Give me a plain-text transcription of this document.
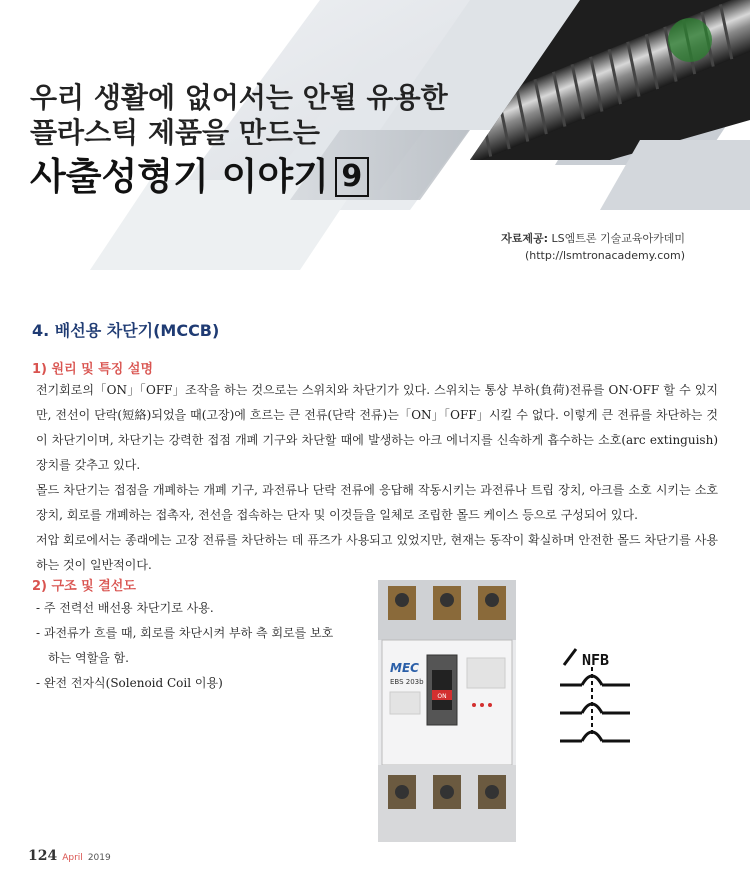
우리 생활에 없어서는 안될 유용한
플라스틱 제품을 만드는
사출성형기 이야기 9
자료제공: LS엠트론 기술교육아카데미
(http://lsmtronacademy.com)
4. 배선용 차단기(MCCB)
1) 원리 및 특징 설명

전기회로의「ON」「OFF」조작을 하는 것으로는 스위치와 차단기가 있다. 스위치는 통상 부하(負荷)전류를 ON·OFF 할 수 있지만, 전선이 단락(短絡)되었을 때(고장)에 흐르는 큰 전류(단락 전류)는「ON」「OFF」시킬 수 없다. 이렇게 큰 전류를 차단하는 것이 차단기이며, 차단기는 강력한 접점 개폐 기구와 차단할 때에 발생하는 아크 에너지를 신속하게 흡수하는 소호(arc extinguish)장치를 갖추고 있다.

몰드 차단기는 접점을 개폐하는 개폐 기구, 과전류나 단락 전류에 응답해 작동시키는 과전류나 트립 장치, 아크를 소호 시키는 소호장치, 회로를 개폐하는 접촉자, 전선을 접속하는 단자 및 이것들을 일체로 조립한 몰드 케이스 등으로 구성되어 있다.

저압 회로에서는 종래에는 고장 전류를 차단하는 데 퓨즈가 사용되고 있었지만, 현재는 동작이 확실하며 안전한 몰드 차단기를 사용하는 것이 일반적이다.

2) 구조 및 결선도
- 주 전력선 배선용 차단기로 사용.
- 과전류가 흐를 때, 회로를 차단시켜 부하 측 회로를 보호하는 역할을 함.
- 완전 전자식(Solenoid Coil 이용)
MEC
EBS 203b
ON
NFB
124 April 2019
